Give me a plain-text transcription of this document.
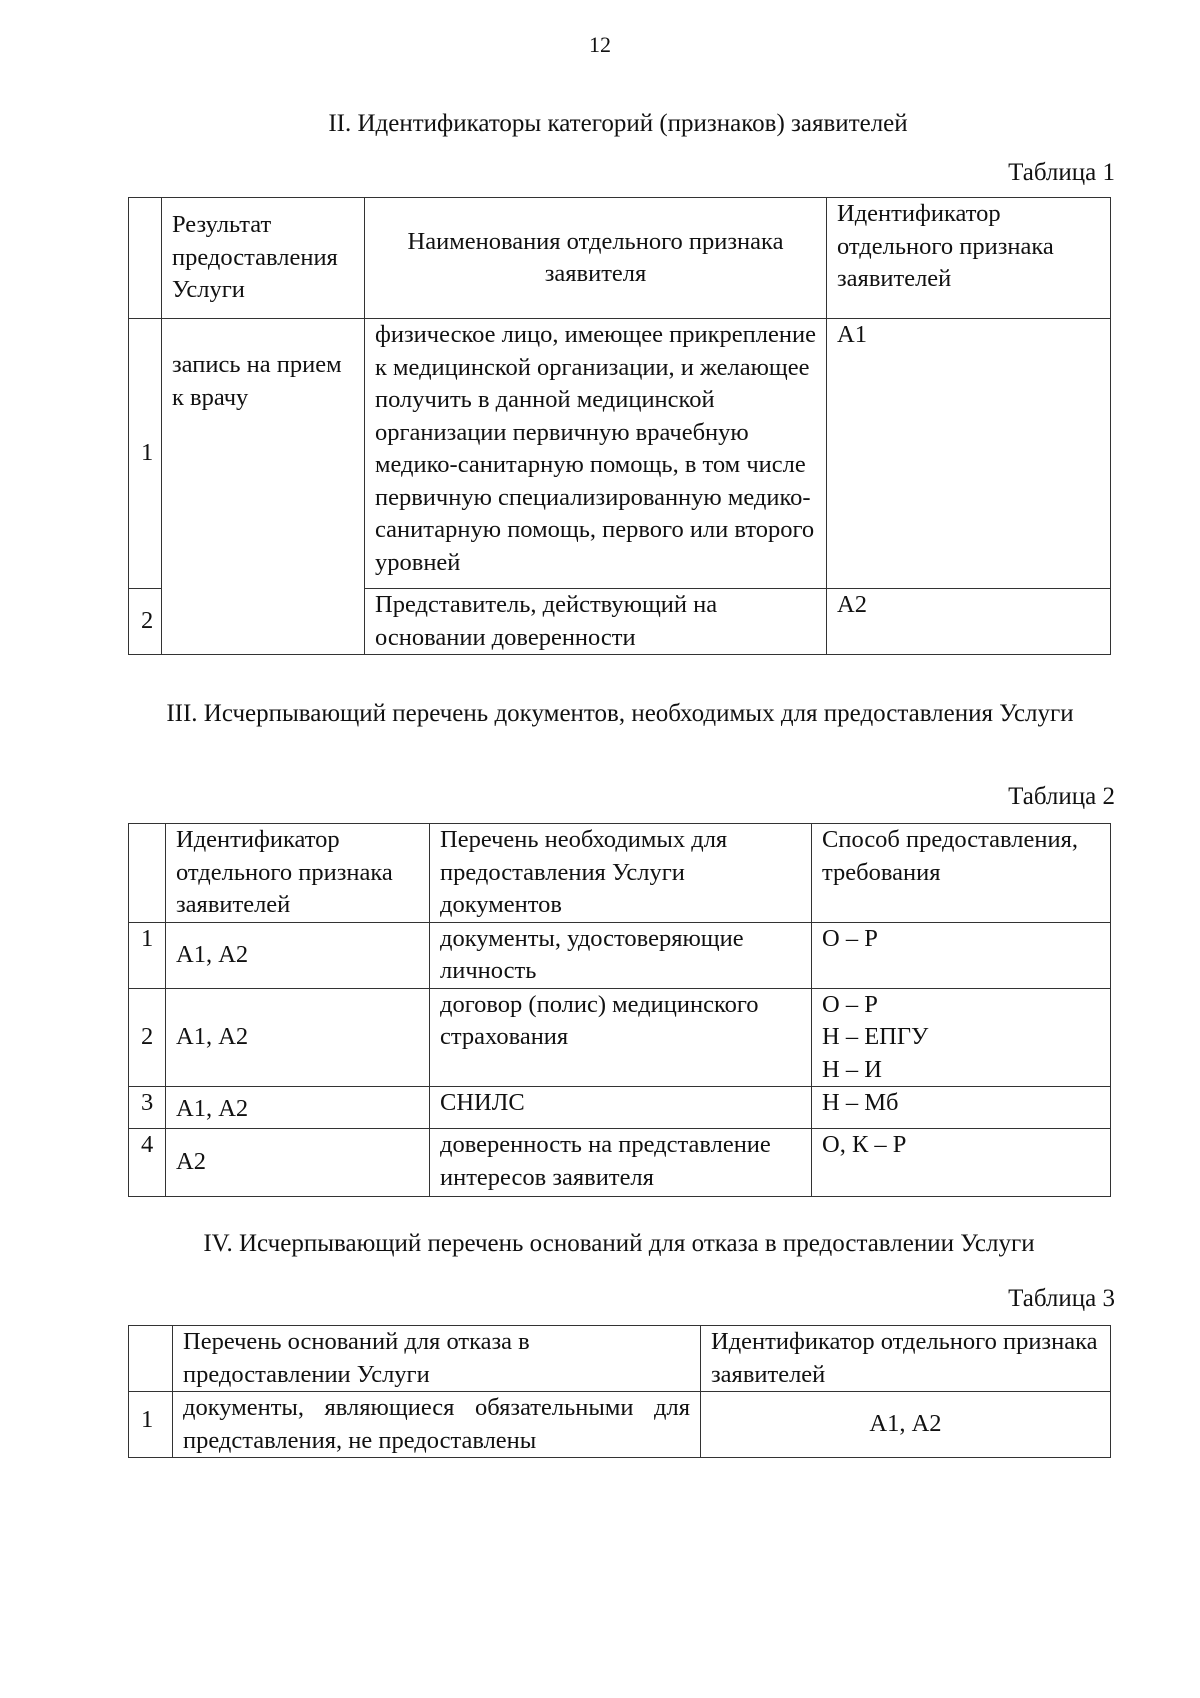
12
II. Идентификаторы категорий (признаков) заявителей
Таблица 1
	Результат предоставления Услуги	Наименования отдельного признака заявителя	Идентификатор отдельного признака заявителей
1	запись на прием к врачу	физическое лицо, имеющее прикрепление к медицинской организации, и желающее получить в данной медицинской организации первичную врачебную медико-санитарную помощь, в том числе первичную специализированную медико-санитарную помощь, первого или второго уровней	А1
2		Представитель, действующий на основании доверенности	А2
III. Исчерпывающий перечень документов, необходимых для предоставления Услуги
Таблица 2
	Идентификатор отдельного признака заявителей	Перечень необходимых для предоставления Услуги документов	Способ предоставления, требования
1	А1, А2	документы, удостоверяющие личность	О – Р

2	А1, А2	договор (полис) медицинского страхования	О – Р
Н – ЕПГУ
Н – И

3	А1, А2	СНИЛС	Н – Мб

4	А2	доверенность на представление интересов заявителя	О, К – Р
IV. Исчерпывающий перечень оснований для отказа в предоставлении Услуги
Таблица 3
	Перечень оснований для отказа в предоставлении Услуги	Идентификатор отдельного признака заявителей
1	документы, являющиеся обязательными для представления, не предоставлены	А1, А2
